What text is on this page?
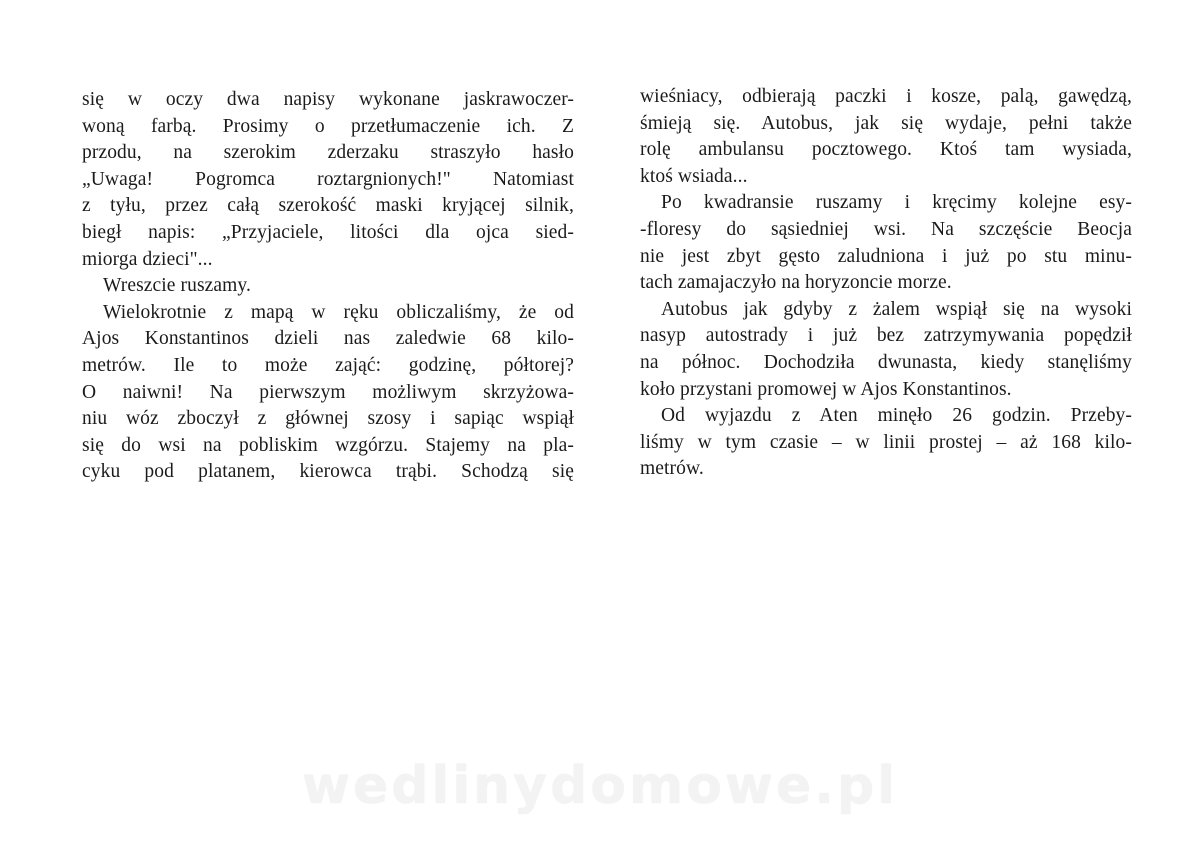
się w oczy dwa napisy wykonane jaskrawoczer-
woną farbą. Prosimy o przetłumaczenie ich. Z
przodu, na szerokim zderzaku straszyło hasło
„Uwaga! Pogromca roztargnionych!" Natomiast
z tyłu, przez całą szerokość maski kryjącej silnik,
biegł napis: „Przyjaciele, litości dla ojca sied-
miorga dzieci"...
Wreszcie ruszamy.
Wielokrotnie z mapą w ręku obliczaliśmy, że od
Ajos Konstantinos dzieli nas zaledwie 68 kilo-
metrów. Ile to może zająć: godzinę, półtorej?
O naiwni! Na pierwszym możliwym skrzyżowa-
niu wóz zboczył z głównej szosy i sapiąc wspiął
się do wsi na pobliskim wzgórzu. Stajemy na pla-
cyku pod platanem, kierowca trąbi. Schodzą się
wieśniacy, odbierają paczki i kosze, palą, gawędzą,
śmieją się. Autobus, jak się wydaje, pełni także
rolę ambulansu pocztowego. Ktoś tam wysiada,
ktoś wsiada...
Po kwadransie ruszamy i kręcimy kolejne esy-
-floresy do sąsiedniej wsi. Na szczęście Beocja
nie jest zbyt gęsto zaludniona i już po stu minu-
tach zamajaczyło na horyzoncie morze.
Autobus jak gdyby z żalem wspiął się na wysoki
nasyp autostrady i już bez zatrzymywania popędził
na północ. Dochodziła dwunasta, kiedy stanęliśmy
koło przystani promowej w Ajos Konstantinos.
Od wyjazdu z Aten minęło 26 godzin. Przeby-
liśmy w tym czasie – w linii prostej – aż 168 kilo-
metrów.
wedlinydomowe.pl
